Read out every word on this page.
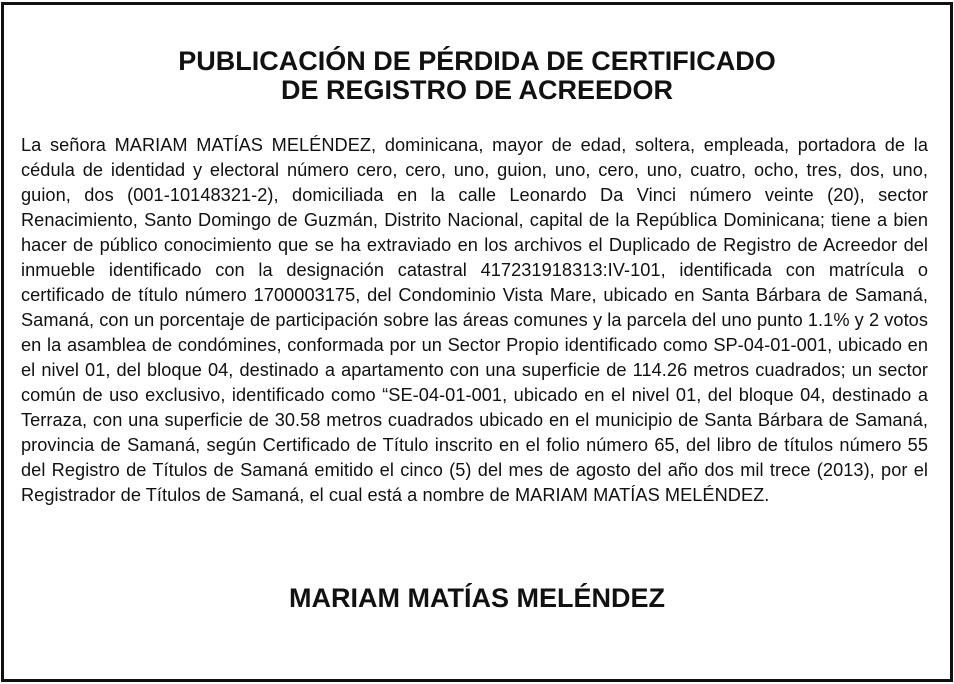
PUBLICACIÓN DE PÉRDIDA DE CERTIFICADO
DE REGISTRO DE ACREEDOR

La señora MARIAM MATÍAS MELÉNDEZ, dominicana, mayor de edad, soltera, empleada, portadora de la cédula de identidad y electoral número cero, cero, uno, guion, uno, cero, uno, cuatro, ocho, tres, dos, uno, guion, dos (001-10148321-2), domiciliada en la calle Leonardo Da Vinci número veinte (20), sector Renacimiento, Santo Domingo de Guzmán, Distrito Nacional, capital de la República Dominicana; tiene a bien hacer de público conocimiento que se ha extraviado en los archivos el Duplicado de Registro de Acreedor del inmueble identificado con la designación catastral 417231918313:IV-101, identificada con matrícula o certificado de título número 1700003175, del Condominio Vista Mare, ubicado en Santa Bárbara de Samaná, Samaná, con un porcentaje de participación sobre las áreas comunes y la parcela del uno punto 1.1% y 2 votos en la asamblea de condómines, conformada por un Sector Propio identificado como SP-04-01-001, ubicado en el nivel 01, del bloque 04, destinado a apartamento con una superficie de 114.26 metros cuadrados; un sector común de uso exclusivo, identificado como “SE-04-01-001, ubicado en el nivel 01, del bloque 04, destinado a Terraza, con una superficie de 30.58 metros cuadrados ubicado en el municipio de Santa Bárbara de Samaná, provincia de Samaná, según Certificado de Título inscrito en el folio número 65, del libro de títulos número 55 del Registro de Títulos de Samaná emitido el cinco (5) del mes de agosto del año dos mil trece (2013), por el Registrador de Títulos de Samaná, el cual está a nombre de MARIAM MATÍAS MELÉNDEZ.

MARIAM MATÍAS MELÉNDEZ
